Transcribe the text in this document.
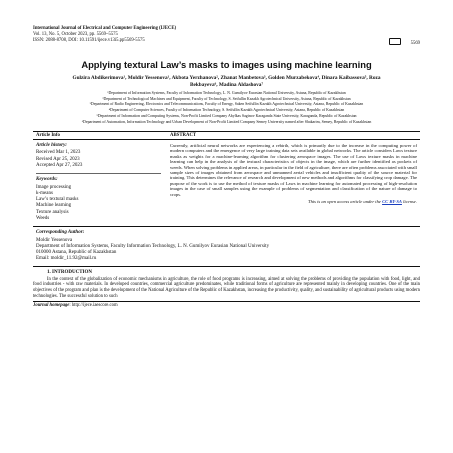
International Journal of Electrical and Computer Engineering (IJECE)
Vol. 13, No. 5, October 2023, pp. 5569~5575
ISSN: 2088-8708, DOI: 10.11591/ijece.v13i5.pp5569-5575
5569
Applying textural Law’s masks to images using machine learning
Gulzira Abdikerimova¹, Moldir Yessenova¹, Akbota Yerzhanova², Zhanat Manbetova³, Golden Murzabekova⁴, Dinara Kaibassova⁵, Roza Bekbayeva⁶, Madina Aldashova⁷

¹Department of Information Systems, Faculty of Information Technology, L. N. Gumilyov Eurasian National University, Astana, Republic of Kazakhstan

²Department of Technological Machines and Equipment, Faculty of Technology, S. Seifullin Kazakh Agrotechnical University, Astana, Republic of Kazakhstan

³Department of Radio Engineering, Electronics and Telecommunications, Faculty of Energy, Saken Seifullin Kazakh Agrotechnical University, Astana, Republic of Kazakhstan

⁴Department of Computer Sciences, Faculty of Information Technology, S. Seifullin Kazakh Agrotechnical University, Astana, Republic of Kazakhstan

⁵Department of Information and Computing Systems, Non-Profit Limited Company Abylkas Saginov Karaganda State University, Karaganda, Republic of Kazakhstan

⁶Department of Automation, Information Technology and Urban Development of Non-Profit Limited Company Semey University named after Shakarim, Semey, Republic of Kazakhstan

Article Info	ABSTRACT
Article history:
Received Mar 1, 2023
Revised Apr 25, 2023
Accepted Apr 27, 2023
Keywords:
Image processing
k-means
Law’s textural masks
Machine learning
Texture analysis
Weeds
Currently, artificial neural networks are experiencing a rebirth, which is primarily due to the increase in the computing power of modern computers and the emergence of very large training data sets available in global networks. The article considers Laws texture masks as weights for a machine-learning algorithm for clustering aerospace images. The use of Laws texture masks in machine learning can help in the analysis of the textural characteristics of objects in the image, which are further identified as pockets of weeds. When solving problems in applied areas, in particular in the field of agriculture, there are often problems associated with small sample sizes of images obtained from aerospace and unmanned aerial vehicles and insufficient quality of the source material for training. This determines the relevance of research and development of new methods and algorithms for classifying crop damage. The purpose of the work is to use the method of texture masks of Laws in machine learning for automated processing of high-resolution images in the case of small samples using the example of problems of segmentation and classification of the nature of damage to crops.
This is an open access article under the CC BY-SA license.
Corresponding Author:
Moldir Yessenova
Department of Information Systems, Faculty Information Technology, L. N. Gumilyov Eurasian National University
010000 Astana, Republic of Kazakhstan
Email: moldir_11.92@mail.ru
1. INTRODUCTION

In the context of the globalization of economic mechanisms in agriculture, the role of food programs is increasing, aimed at solving the problems of providing the population with food, light, and food industries - with raw materials. In developed countries, commercial agriculture predominates, while traditional forms of agriculture are represented mainly in developing countries. One of the main objectives of the program and plan is the development of the National Agriculture of the Republic of Kazakhstan, increasing the productivity, quality, and sustainability of agricultural products using modern technologies. The successful solution to such

Journal homepage: http://ijece.iaescore.com
